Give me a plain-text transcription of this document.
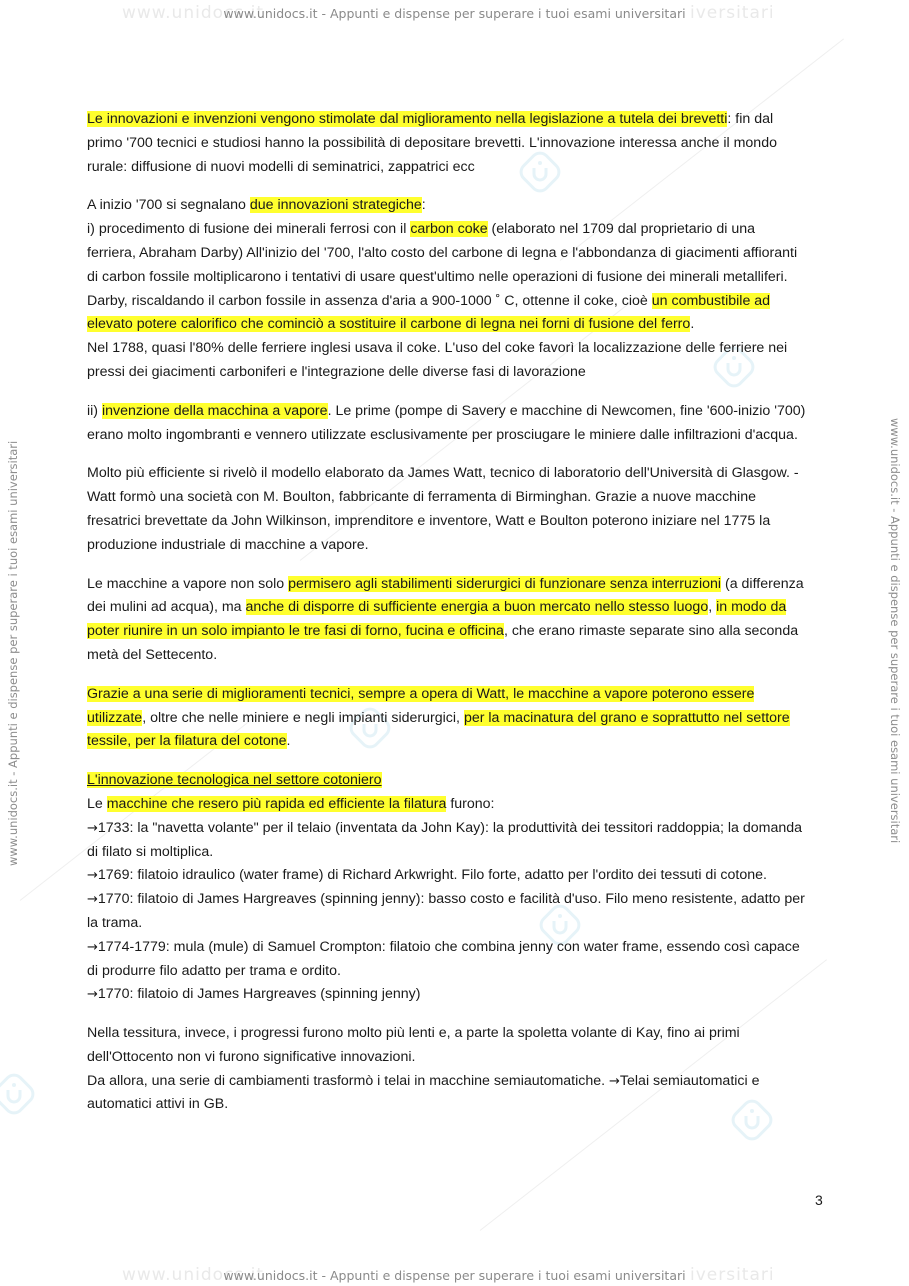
www.unidocs.it	iversitari
www.unidocs.it	iversitari
www.unidocs.it - Appunti e dispense per superare i tuoi esami universitari
www.unidocs.it - Appunti e dispense per superare i tuoi esami universitari
www.unidocs.it - Appunti e dispense per superare i tuoi esami universitari	www.unidocs.it - Appunti e dispense per superare i tuoi esami universitari

Le innovazioni e invenzioni vengono stimolate dal miglioramento nella legislazione a tutela dei brevetti: fin dal primo '700 tecnici e studiosi hanno la possibilità di depositare brevetti. L'innovazione interessa anche il mondo rurale: diffusione di nuovi modelli di seminatrici, zappatrici ecc

A inizio '700 si segnalano due innovazioni strategiche:
i) procedimento di fusione dei minerali ferrosi con il carbon coke (elaborato nel 1709 dal proprietario di una ferriera, Abraham Darby) All'inizio del '700, l'alto costo del carbone di legna e l'abbondanza di giacimenti affioranti di carbon fossile moltiplicarono i tentativi di usare quest'ultimo nelle operazioni di fusione dei minerali metalliferi. Darby, riscaldando il carbon fossile in assenza d'aria a 900-1000 ˚ C, ottenne il coke, cioè un combustibile ad elevato potere calorifico che cominciò a sostituire il carbone di legna nei forni di fusione del ferro.
Nel 1788, quasi l'80% delle ferriere inglesi usava il coke. L'uso del coke favorì la localizzazione delle ferriere nei pressi dei giacimenti carboniferi e l'integrazione delle diverse fasi di lavorazione

ii) invenzione della macchina a vapore. Le prime (pompe di Savery e macchine di Newcomen, fine '600-inizio '700) erano molto ingombranti e vennero utilizzate esclusivamente per prosciugare le miniere dalle infiltrazioni d'acqua.

Molto più efficiente si rivelò il modello elaborato da James Watt, tecnico di laboratorio dell'Università di Glasgow. -Watt formò una società con M. Boulton, fabbricante di ferramenta di Birminghan. Grazie a nuove macchine fresatrici brevettate da John Wilkinson, imprenditore e inventore, Watt e Boulton poterono iniziare nel 1775 la produzione industriale di macchine a vapore.

Le macchine a vapore non solo permisero agli stabilimenti siderurgici di funzionare senza interruzioni (a differenza dei mulini ad acqua), ma anche di disporre di sufficiente energia a buon mercato nello stesso luogo, in modo da poter riunire in un solo impianto le tre fasi di forno, fucina e officina, che erano rimaste separate sino alla seconda metà del Settecento.

Grazie a una serie di miglioramenti tecnici, sempre a opera di Watt, le macchine a vapore poterono essere utilizzate, oltre che nelle miniere e negli impianti siderurgici, per la macinatura del grano e soprattutto nel settore tessile, per la filatura del cotone.

L'innovazione tecnologica nel settore cotoniero
Le macchine che resero più rapida ed efficiente la filatura furono:
→1733: la "navetta volante" per il telaio (inventata da John Kay): la produttività dei tessitori raddoppia; la domanda di filato si moltiplica.
→1769: filatoio idraulico (water frame) di Richard Arkwright. Filo forte, adatto per l'ordito dei tessuti di cotone.
→1770: filatoio di James Hargreaves (spinning jenny): basso costo e facilità d'uso. Filo meno resistente, adatto per la trama.
→1774-1779: mula (mule) di Samuel Crompton: filatoio che combina jenny con water frame, essendo così capace di produrre filo adatto per trama e ordito.
→1770: filatoio di James Hargreaves (spinning jenny)

Nella tessitura, invece, i progressi furono molto più lenti e, a parte la spoletta volante di Kay, fino ai primi dell'Ottocento non vi furono significative innovazioni.
Da allora, una serie di cambiamenti trasformò i telai in macchine semiautomatiche. →Telai semiautomatici e automatici attivi in GB.

3
